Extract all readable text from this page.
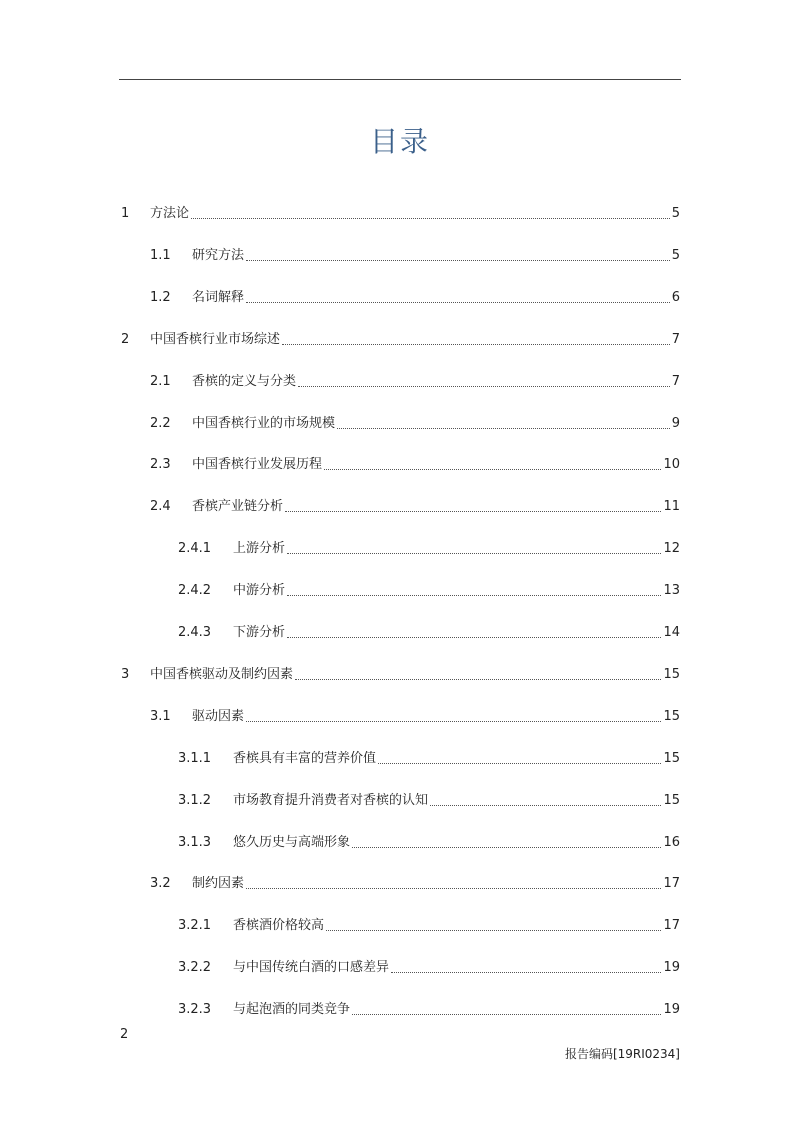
目录
1	方法论	5
1.1	研究方法	5
1.2	名词解释	6
2	中国香槟行业市场综述	7
2.1	香槟的定义与分类	7
2.2	中国香槟行业的市场规模	9
2.3	中国香槟行业发展历程	10
2.4	香槟产业链分析	11
2.4.1	上游分析	12
2.4.2	中游分析	13
2.4.3	下游分析	14
3	中国香槟驱动及制约因素	15
3.1	驱动因素	15
3.1.1	香槟具有丰富的营养价值	15
3.1.2	市场教育提升消费者对香槟的认知	15
3.1.3	悠久历史与高端形象	16
3.2	制约因素	17
3.2.1	香槟酒价格较高	17
3.2.2	与中国传统白酒的口感差异	19
3.2.3	与起泡酒的同类竞争	19
2
报告编码[19RI0234]
